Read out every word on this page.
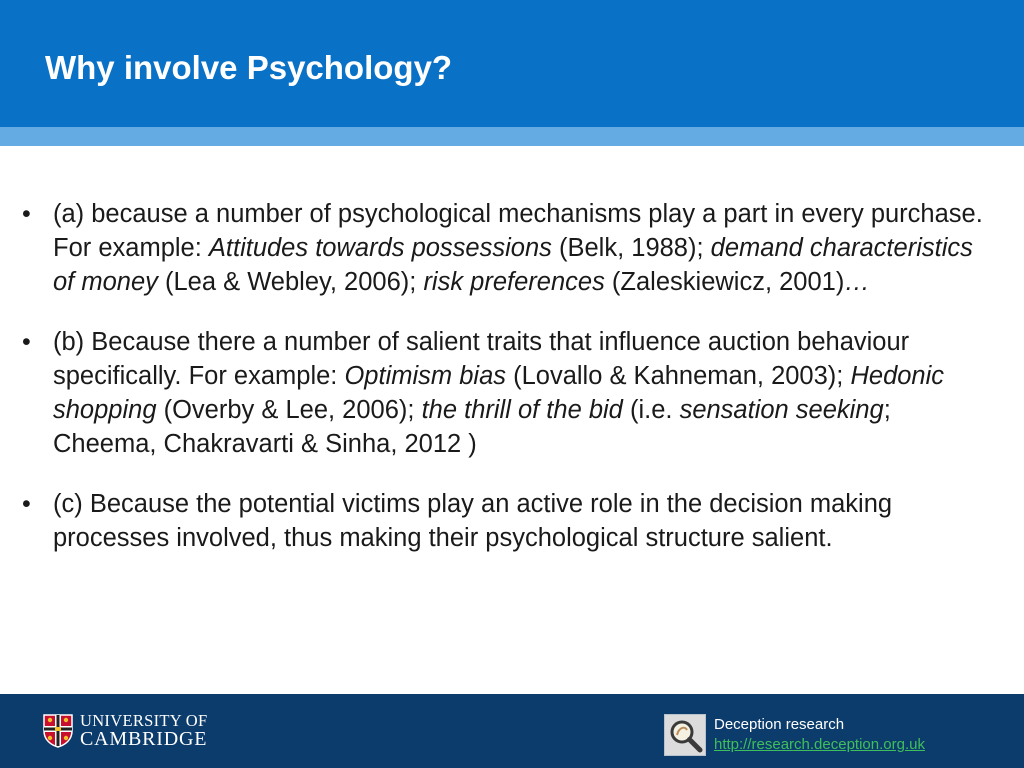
Why involve Psychology?
• (a) because a number of psychological mechanisms play a part in every purchase. For example: Attitudes towards possessions (Belk, 1988); demand characteristics of money (Lea & Webley, 2006); risk preferences (Zaleskiewicz, 2001)…
• (b) Because there a number of salient traits that influence auction behaviour specifically. For example: Optimism bias (Lovallo & Kahneman, 2003); Hedonic shopping (Overby & Lee, 2006); the thrill of the bid (i.e. sensation seeking; Cheema, Chakravarti & Sinha, 2012 )
• (c) Because the potential victims play an active role in the decision making processes involved, thus making their psychological structure salient.
UNIVERSITY OF
CAMBRIDGE
Deception research
http://research.deception.org.uk
